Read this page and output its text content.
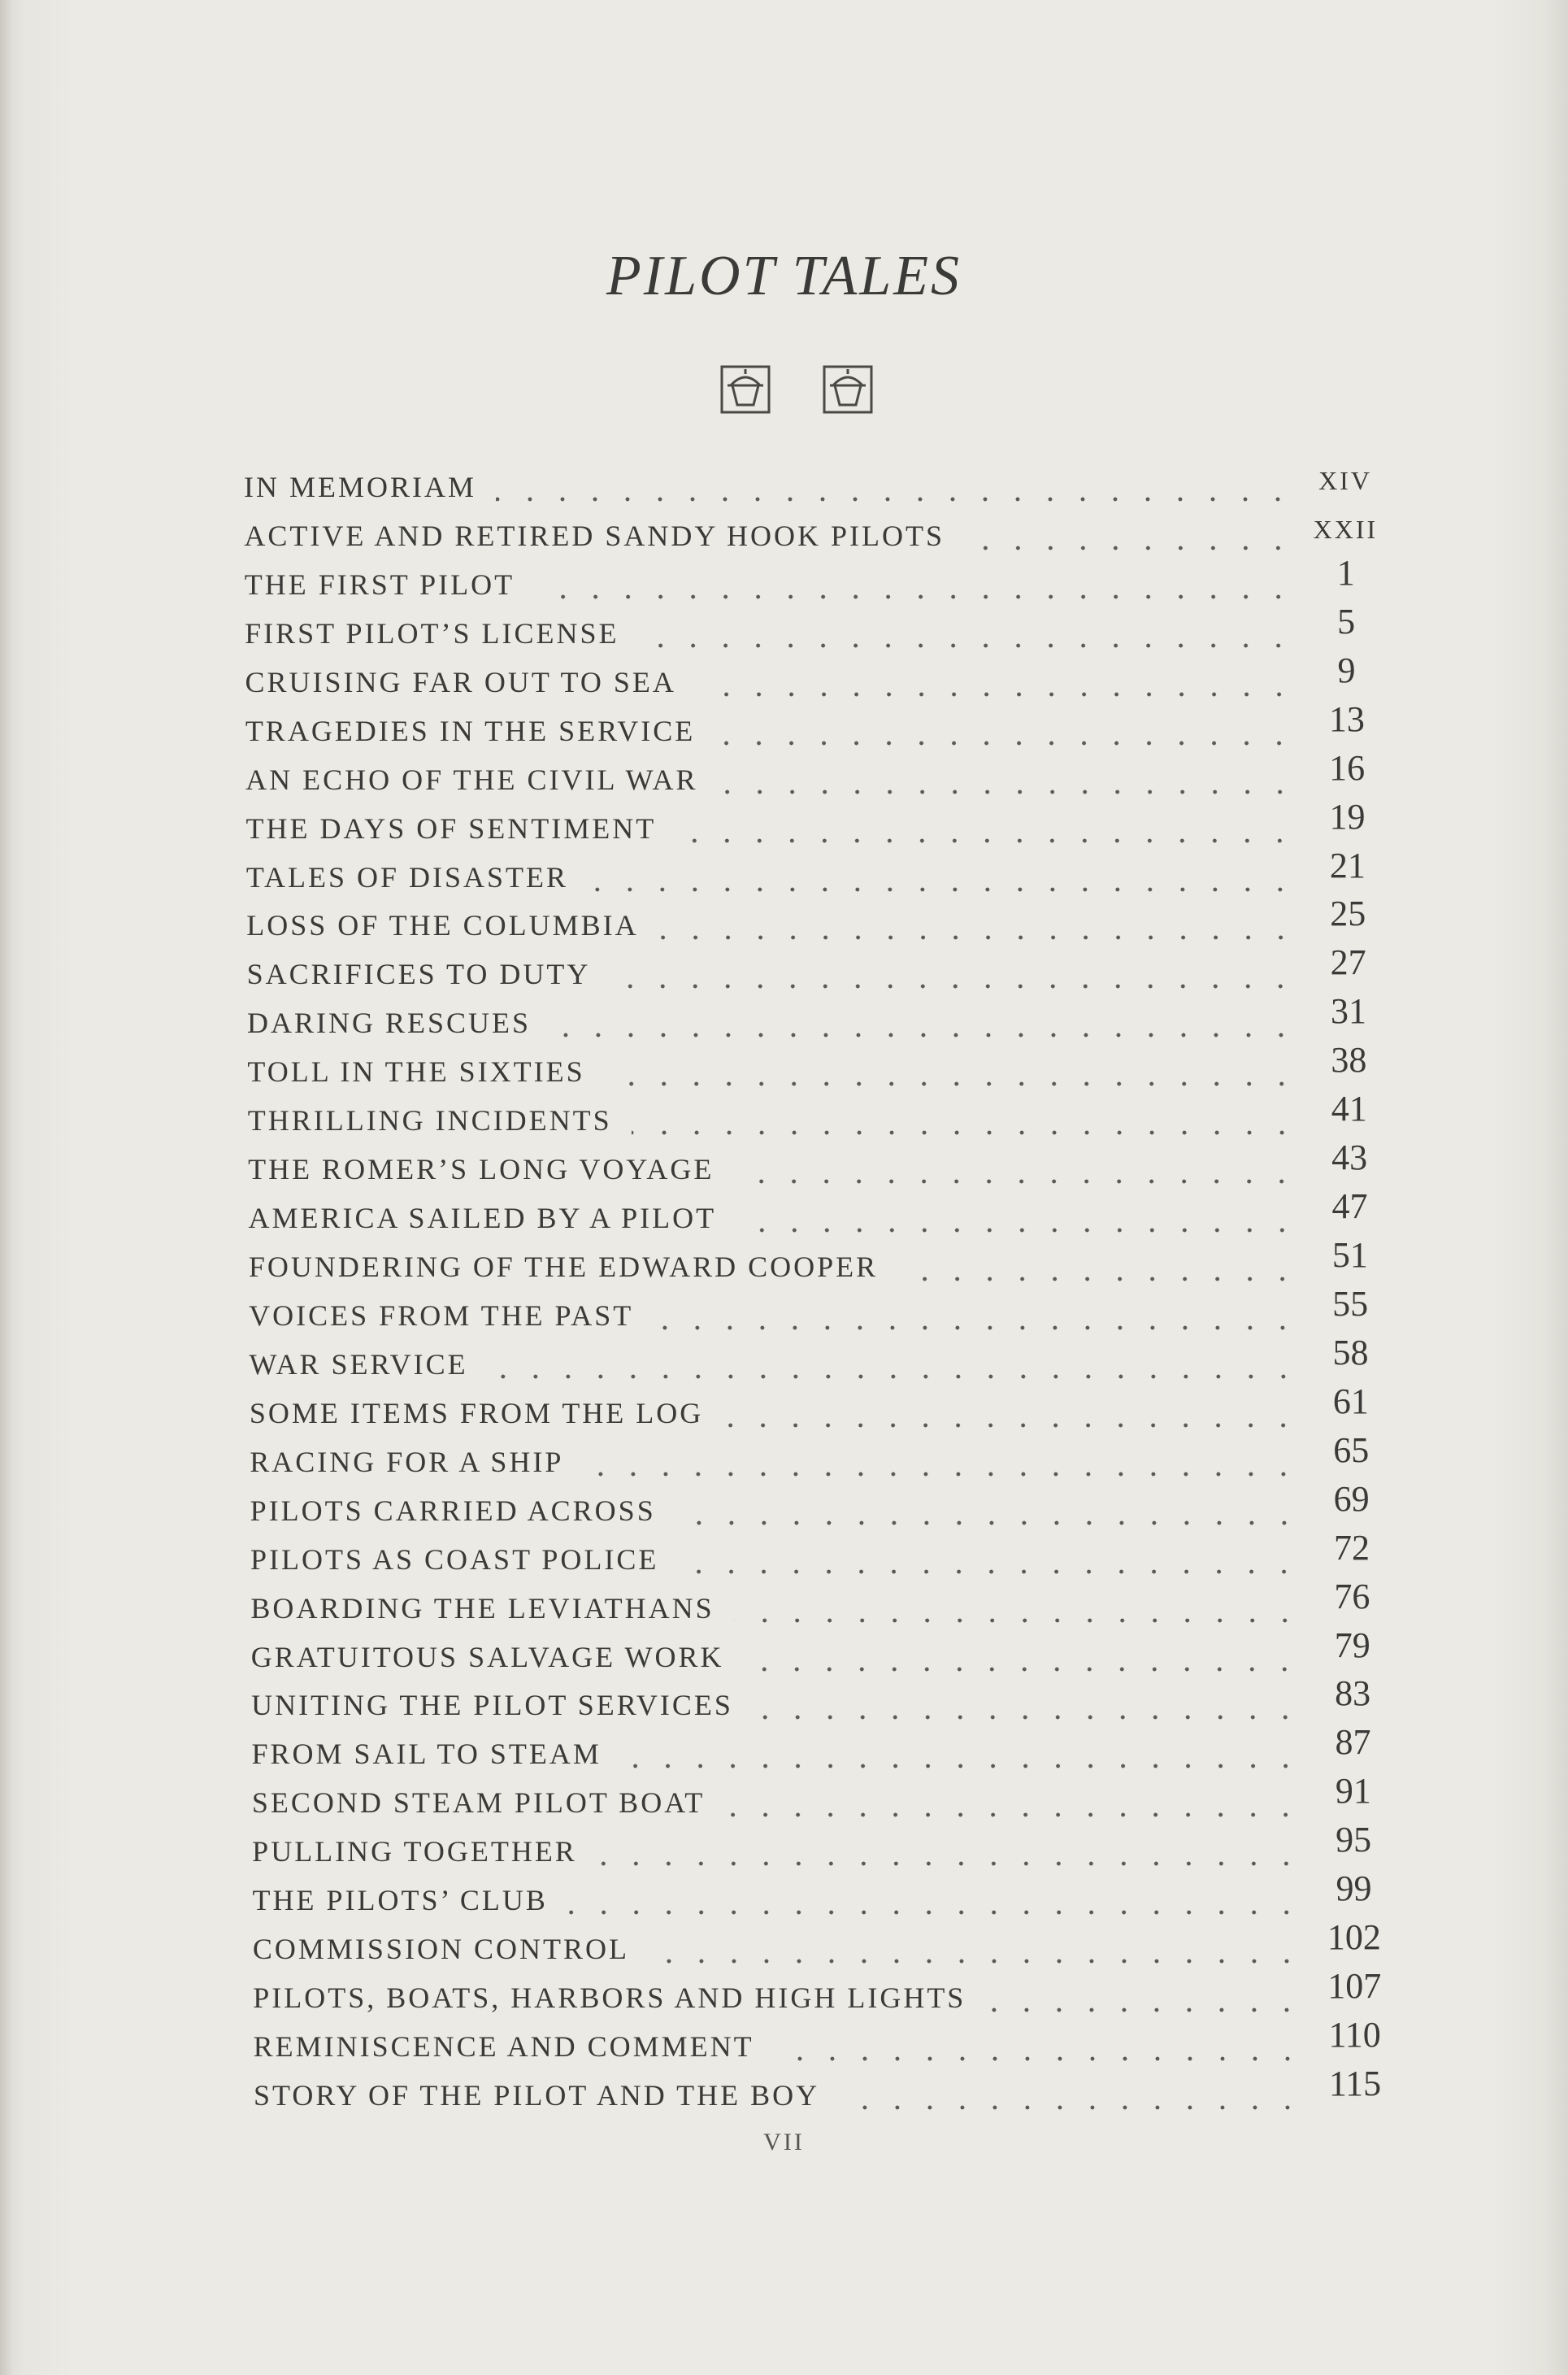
PILOT TALES
IN MEMORIAM	XIV
ACTIVE AND RETIRED SANDY HOOK PILOTS	XXII
THE FIRST PILOT	1
FIRST PILOT’S LICENSE	5
CRUISING FAR OUT TO SEA	9
TRAGEDIES IN THE SERVICE	13
AN ECHO OF THE CIVIL WAR	16
THE DAYS OF SENTIMENT	19
TALES OF DISASTER	21
LOSS OF THE COLUMBIA	25
SACRIFICES TO DUTY	27
DARING RESCUES	31
TOLL IN THE SIXTIES	38
THRILLING INCIDENTS	41
THE ROMER’S LONG VOYAGE	43
AMERICA SAILED BY A PILOT	47
FOUNDERING OF THE EDWARD COOPER	51
VOICES FROM THE PAST	55
WAR SERVICE	58
SOME ITEMS FROM THE LOG	61
RACING FOR A SHIP	65
PILOTS CARRIED ACROSS	69
PILOTS AS COAST POLICE	72
BOARDING THE LEVIATHANS	76
GRATUITOUS SALVAGE WORK	79
UNITING THE PILOT SERVICES	83
FROM SAIL TO STEAM	87
SECOND STEAM PILOT BOAT	91
PULLING TOGETHER	95
THE PILOTS’ CLUB	99
COMMISSION CONTROL	102
PILOTS, BOATS, HARBORS AND HIGH LIGHTS	107
REMINISCENCE AND COMMENT	110
STORY OF THE PILOT AND THE BOY	115
VII
